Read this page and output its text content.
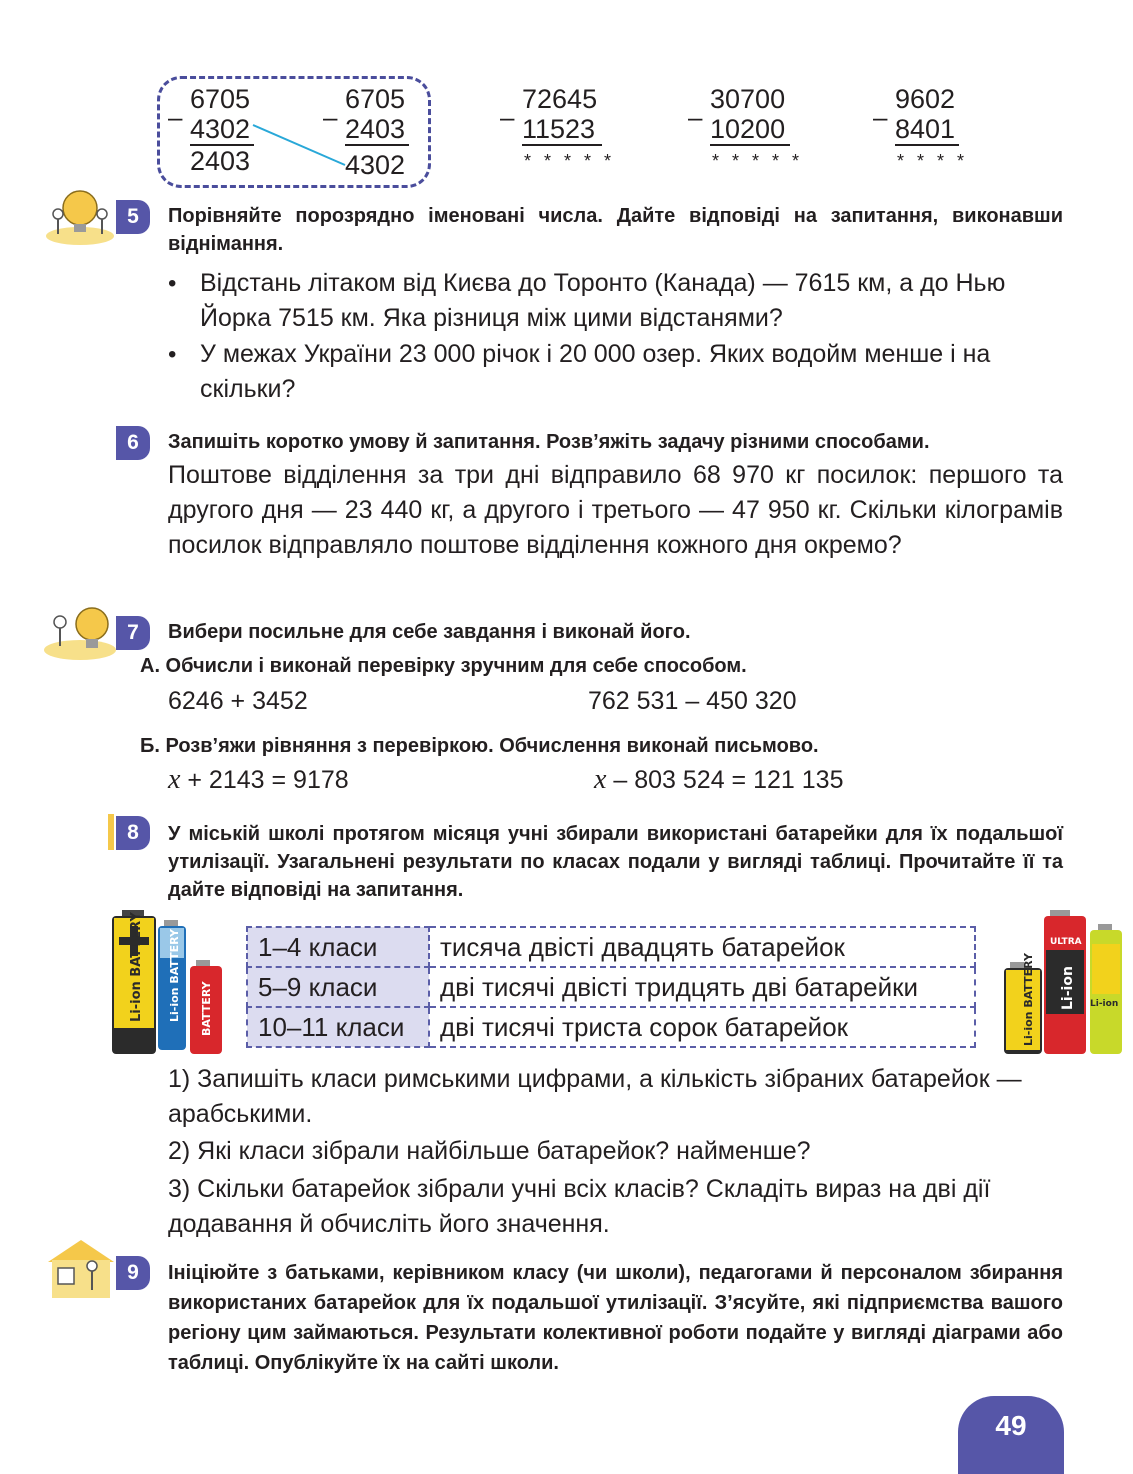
–
6705
4302
2403
–
6705
2403
4302
–
72645
11523
* * * * *
–
30700
10200
* * * * *
–
9602
8401
* * * *
5	Порівняйте порозрядно іменовані числа. Дайте відповіді на запитання, виконавши віднімання.
• Відстань літаком від Києва до Торонто (Канада) — 7615 км, а до Нью Йорка 7515 км. Яка різниця між цими відстанями?
• У межах України 23 000 річок і 20 000 озер. Яких водойм менше і на скільки?
6	Запишіть коротко умову й запитання. Розв’яжіть задачу різними способами.
Поштове відділення за три дні відправило 68 970 кг посилок: першого та другого дня — 23 440 кг, а другого і третього — 47 950 кг. Скільки кілограмів посилок відправляло поштове відділення кожного дня окремо?
7	Вибери посильне для себе завдання і виконай його.
А. Обчисли і виконай перевірку зручним для себе способом.
6246 + 3452	762 531 – 450 320
Б. Розв’яжи рівняння з перевіркою. Обчислення виконай письмово.
x + 2143 = 9178	x – 803 524 = 121 135
8	У міській школі протягом місяця учні збирали використані батарейки для їх подальшої утилізації. Узагальнені результати по класах подали у вигляді таблиці. Прочитайте її та дайте відповіді на запитання.
Li-ion BATTERY Li-ion BATTERY BATTERY
1–4 класи	тисяча двісті двадцять батарейок
5–9 класи	дві тисячі двісті тридцять дві батарейки
10–11 класи	дві тисячі триста сорок батарейок
ULTRA
Li-ion
Li-ion BATTERY	Li-ion
1) Запишіть класи римськими цифрами, а кількість зібраних батарейок — арабськими.
2) Які класи зібрали найбільше батарейок? найменше?
3) Скільки батарейок зібрали учні всіх класів? Складіть вираз на дві дії додавання й обчисліть його значення.
9	Ініціюйте з батьками, керівником класу (чи школи), педагогами й персоналом збирання використаних батарейок для їх подальшої утилізації. З’ясуйте, які підприємства вашого регіону цим займаються. Результати колективної роботи подайте у вигляді діаграми або таблиці. Опублікуйте їх на сайті школи.
49
